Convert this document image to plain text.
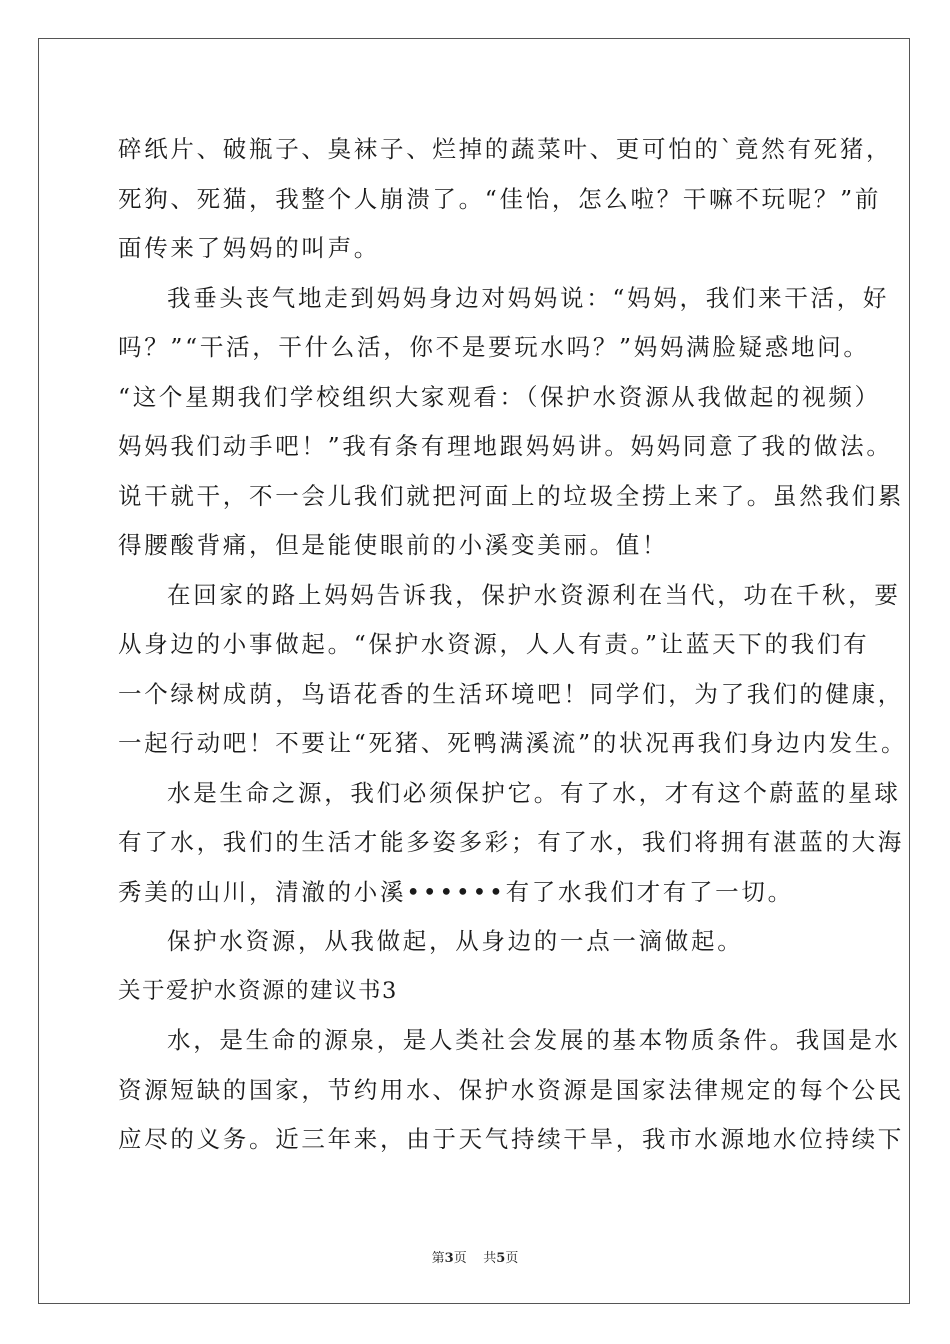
碎纸片、破瓶子、臭袜子、烂掉的蔬菜叶、更可怕的`竟然有死猪，
死狗、死猫，我整个人崩溃了。“佳怡，怎么啦？干嘛不玩呢？”前
面传来了妈妈的叫声。
我垂头丧气地走到妈妈身边对妈妈说：“妈妈，我们来干活，好
吗？”“干活，干什么活，你不是要玩水吗？”妈妈满脸疑惑地问。
“这个星期我们学校组织大家观看：（保护水资源从我做起的视频）
妈妈我们动手吧！”我有条有理地跟妈妈讲。妈妈同意了我的做法。
说干就干，不一会儿我们就把河面上的垃圾全捞上来了。虽然我们累
得腰酸背痛，但是能使眼前的小溪变美丽。值！
在回家的路上妈妈告诉我，保护水资源利在当代，功在千秋，要
从身边的小事做起。“保护水资源，人人有责。”让蓝天下的我们有
一个绿树成荫，鸟语花香的生活环境吧！同学们，为了我们的健康，
一起行动吧！不要让“死猪、死鸭满溪流”的状况再我们身边内发生。
水是生命之源，我们必须保护它。有了水，才有这个蔚蓝的星球
有了水，我们的生活才能多姿多彩；有了水，我们将拥有湛蓝的大海
秀美的山川，清澈的小溪••••••有了水我们才有了一切。
保护水资源，从我做起，从身边的一点一滴做起。
关于爱护水资源的建议书3
水，是生命的源泉，是人类社会发展的基本物质条件。我国是水
资源短缺的国家，节约用水、保护水资源是国家法律规定的每个公民
应尽的义务。近三年来，由于天气持续干旱，我市水源地水位持续下
第3页 共5页
